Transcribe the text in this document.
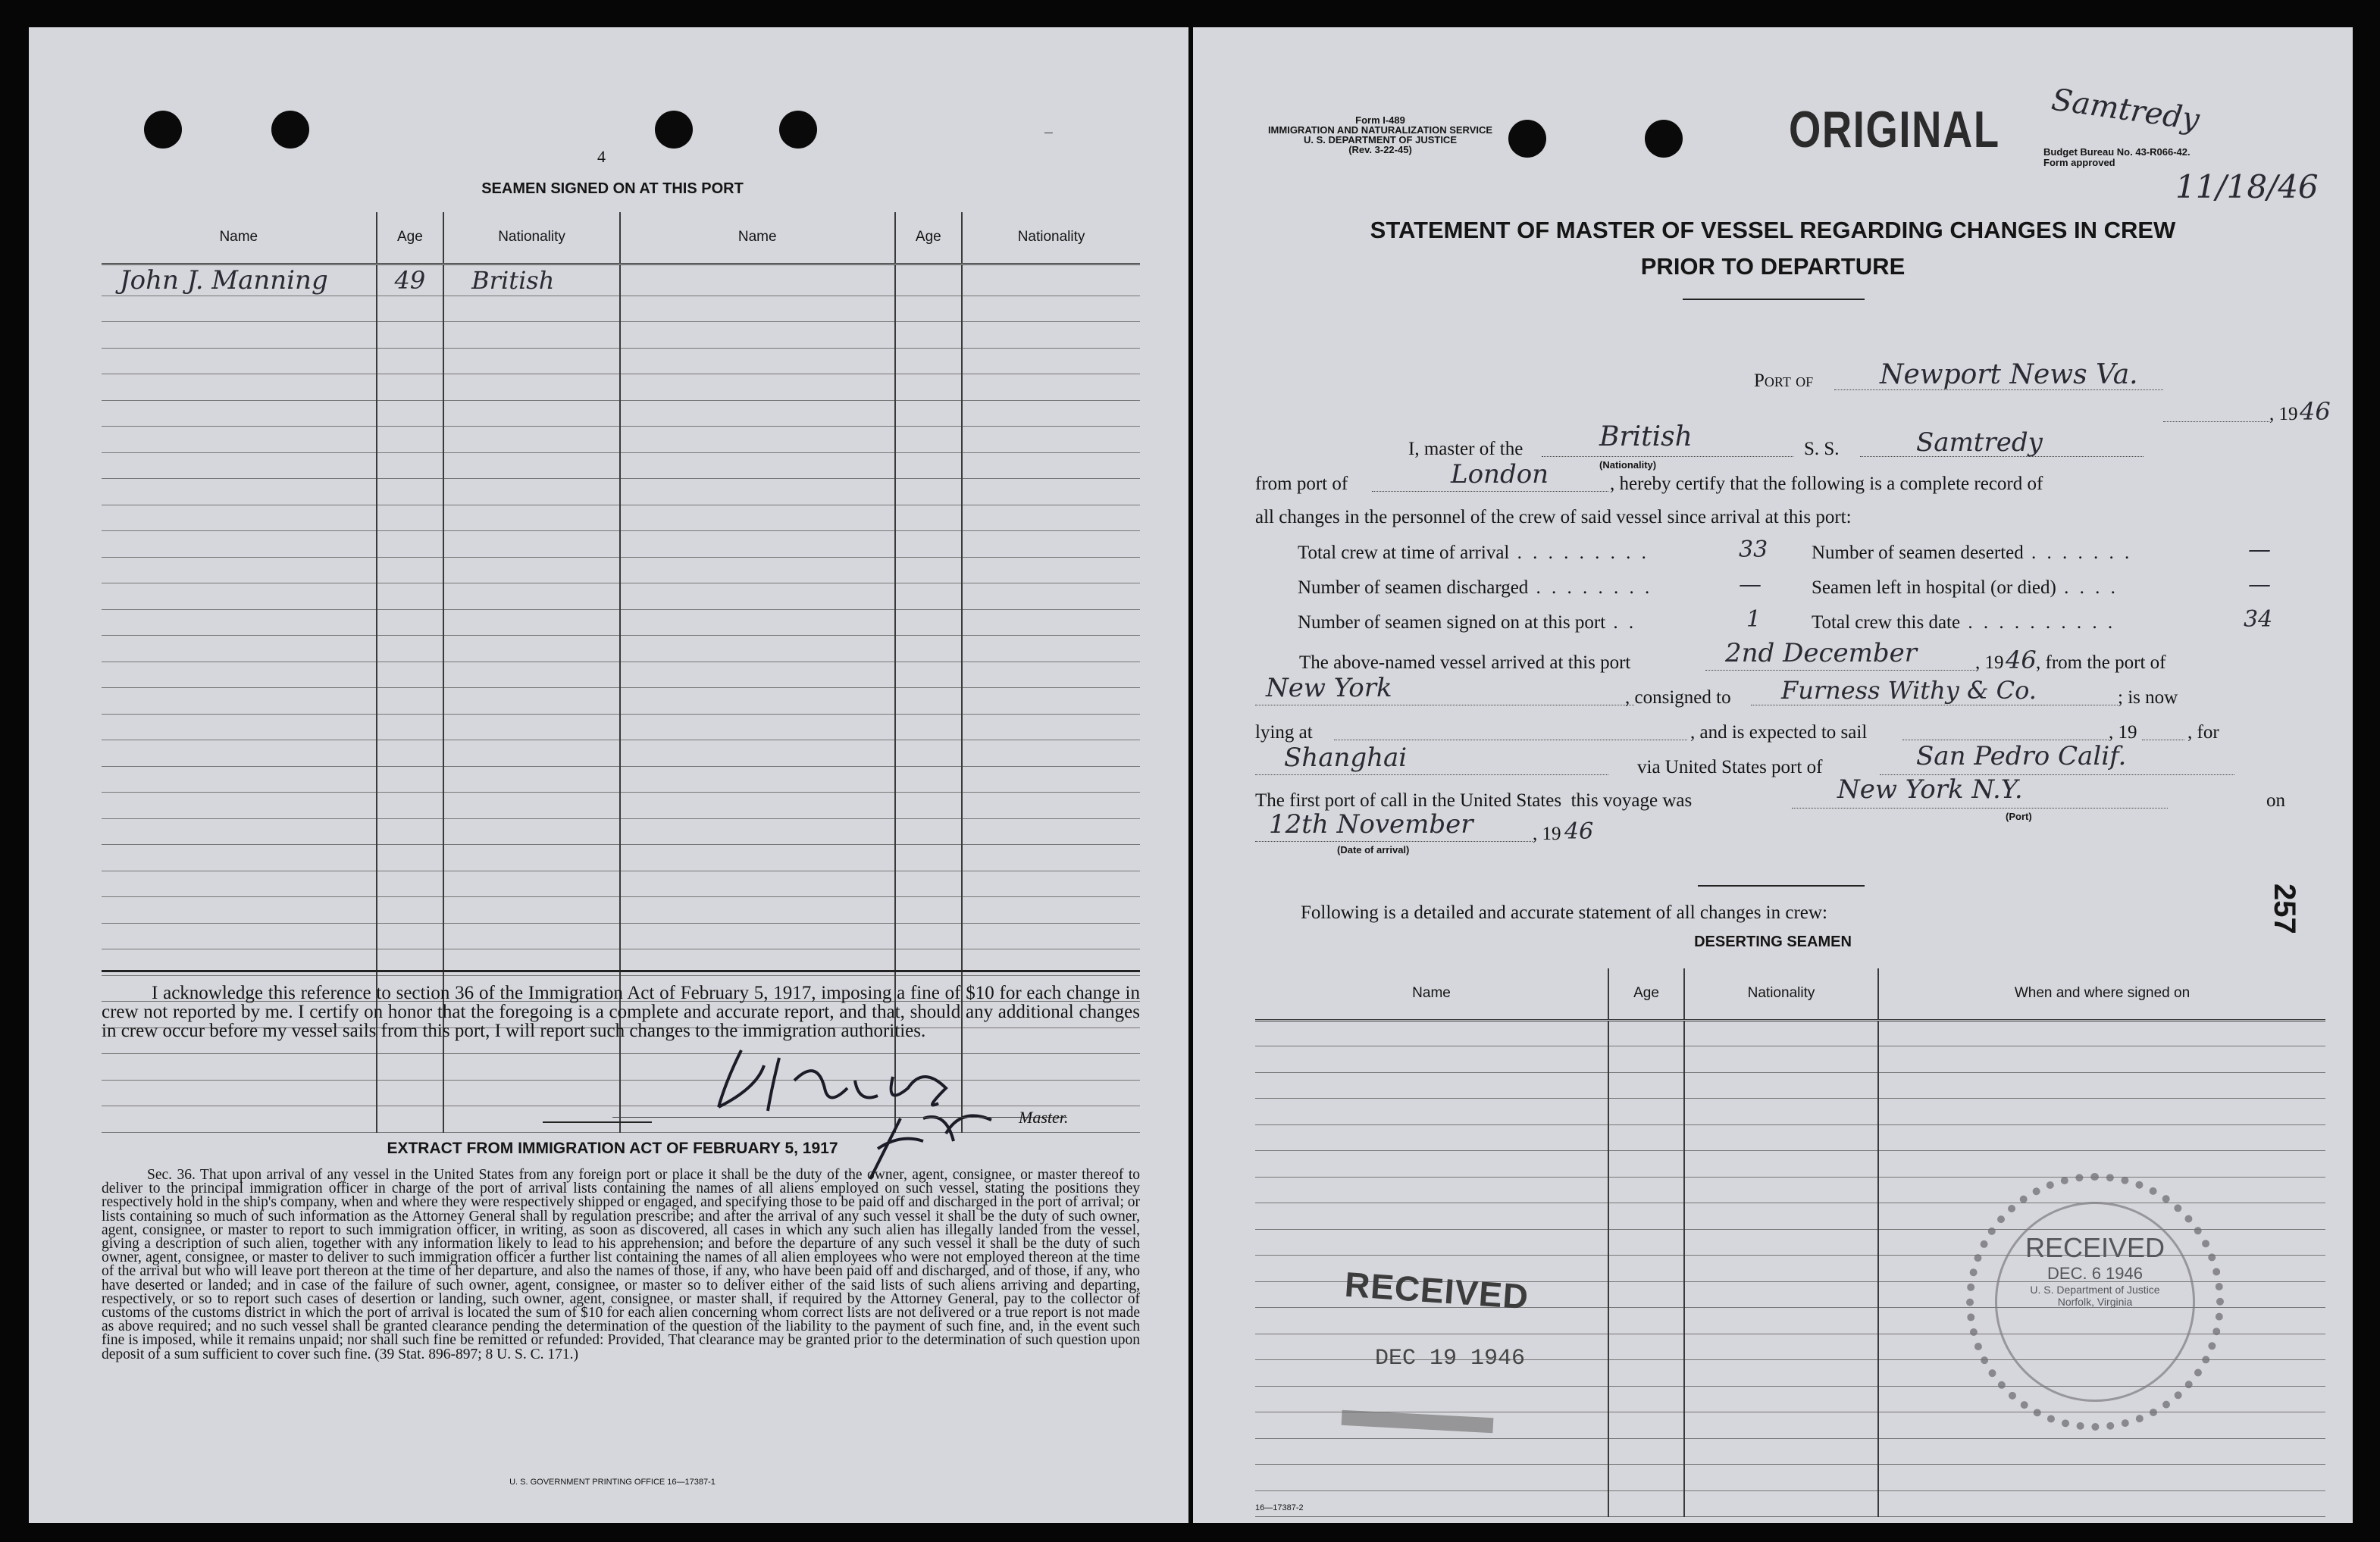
—
4
SEAMEN SIGNED ON AT THIS PORT
Name	Age	Nationality	Name	Age	Nationality
John J. Manning	49	British			

I acknowledge this reference to section 36 of the Immigration Act of February 5, 1917, imposing a fine of $10 for each change in crew not reported by me. I certify on honor that the foregoing is a complete and accurate report, and that, should any additional changes in crew occur before my vessel sails from this port, I will report such changes to the immigration authorities.
Master.
EXTRACT FROM IMMIGRATION ACT OF FEBRUARY 5, 1917
Sec. 36. That upon arrival of any vessel in the United States from any foreign port or place it shall be the duty of the owner, agent, consignee, or master thereof to deliver to the principal immigration officer in charge of the port of arrival lists containing the names of all aliens employed on such vessel, stating the positions they respectively hold in the ship's company, when and where they were respectively shipped or engaged, and specifying those to be paid off and discharged in the port of arrival; or lists containing so much of such information as the Attorney General shall by regulation prescribe; and after the arrival of any such vessel it shall be the duty of such owner, agent, consignee, or master to report to such immigration officer, in writing, as soon as discovered, all cases in which any such alien has illegally landed from the vessel, giving a description of such alien, together with any information likely to lead to his apprehension; and before the departure of any such vessel it shall be the duty of such owner, agent, consignee, or master to deliver to such immigration officer a further list containing the names of all alien employees who were not employed thereon at the time of the arrival but who will leave port thereon at the time of her departure, and also the names of those, if any, who have been paid off and discharged, and of those, if any, who have deserted or landed; and in case of the failure of such owner, agent, consignee, or master so to deliver either of the said lists of such aliens arriving and departing, respectively, or so to report such cases of desertion or landing, such owner, agent, consignee, or master shall, if required by the Attorney General, pay to the collector of customs of the customs district in which the port of arrival is located the sum of $10 for each alien concerning whom correct lists are not delivered or a true report is not made as above required; and no such vessel shall be granted clearance pending the determination of the question of the liability to the payment of such fine, and, in the event such fine is imposed, while it remains unpaid; nor shall such fine be remitted or refunded: Provided, That clearance may be granted prior to the determination of such question upon deposit of a sum sufficient to cover such fine. (39 Stat. 896-897; 8 U. S. C. 171.)
U. S. GOVERNMENT PRINTING OFFICE 16—17387-1
Form I-489
IMMIGRATION AND NATURALIZATION SERVICE
U. S. DEPARTMENT OF JUSTICE
(Rev. 3-22-45)	ORIGINAL	Budget Bureau No. 43-R066-42.
Form approved
Samtredy
11/18/46
STATEMENT OF MASTER OF VESSEL REGARDING CHANGES IN CREW
PRIOR TO DEPARTURE
Port of Newport News Va.
, 19 46
I, master of the	British
(Nationality)
S. S.	Samtredy
from port of	London	, hereby certify that the following is a complete record of
all changes in the personnel of the crew of said vessel since arrival at this port:
Total crew at time of arrival . . . . . . . . .	33 Number of seamen deserted . . . . . . .	—
Number of seamen discharged . . . . . . . .	—	Seamen left in hospital (or died) . . . .	—
Number of seamen signed on at this port . .	1	Total crew this date . . . . . . . . . .	34
The above-named vessel arrived at this port	2nd December	, 19 46 , from the port of
New York	, consigned to Furness Withy & Co.	; is now
lying at	, and is expected to sail	, 19	, for
Shanghai	via United States port of	San Pedro Calif.
The first port of call in the United States  this voyage was	New York N.Y.
(Port)
on
12th November
(Date of arrival)
, 19 46
Following is a detailed and accurate statement of all changes in crew:
DESERTING SEAMEN
Name	Age	Nationality	When and where signed on

RECEIVED
DEC 19 1946
RECEIVED
DEC. 6 1946
U. S. Department of Justice
Norfolk, Virginia
257
16—17387-2
